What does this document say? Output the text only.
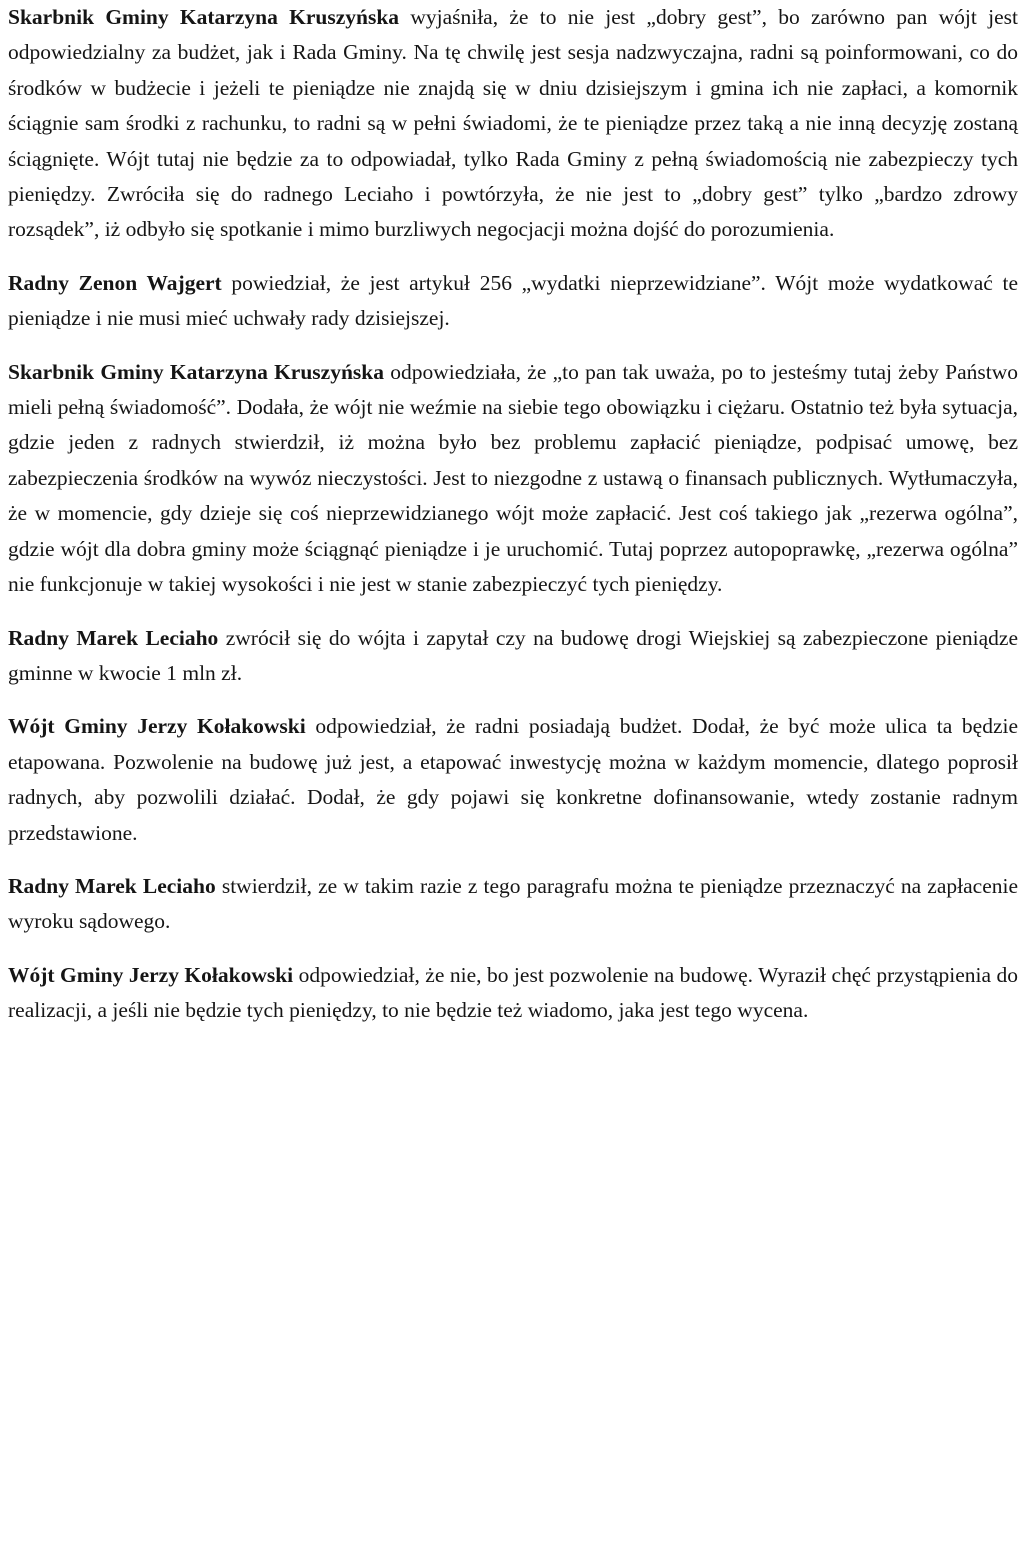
Skarbnik Gminy Katarzyna Kruszyńska wyjaśniła, że to nie jest „dobry gest”, bo zarówno pan wójt jest odpowiedzialny za budżet, jak i Rada Gminy. Na tę chwilę jest sesja nadzwyczajna, radni są poinformowani, co do środków w budżecie i jeżeli te pieniądze nie znajdą się w dniu dzisiejszym i gmina ich nie zapłaci, a komornik ściągnie sam środki z rachunku, to radni są w pełni świadomi, że te pieniądze przez taką a nie inną decyzję zostaną ściągnięte. Wójt tutaj nie będzie za to odpowiadał, tylko Rada Gminy z pełną świadomością nie zabezpieczy tych pieniędzy. Zwróciła się do radnego Leciaho i powtórzyła, że nie jest to „dobry gest” tylko „bardzo zdrowy rozsądek”, iż odbyło się spotkanie i mimo burzliwych negocjacji można dojść do porozumienia.

Radny Zenon Wajgert powiedział, że jest artykuł 256 „wydatki nieprzewidziane”. Wójt może wydatkować te pieniądze i nie musi mieć uchwały rady dzisiejszej.

Skarbnik Gminy Katarzyna Kruszyńska odpowiedziała, że „to pan tak uważa, po to jesteśmy tutaj żeby Państwo mieli pełną świadomość”. Dodała, że wójt nie weźmie na siebie tego obowiązku i ciężaru. Ostatnio też była sytuacja, gdzie jeden z radnych stwierdził, iż można było bez problemu zapłacić pieniądze, podpisać umowę, bez zabezpieczenia środków na wywóz nieczystości. Jest to niezgodne z ustawą o finansach publicznych. Wytłumaczyła, że w momencie, gdy dzieje się coś nieprzewidzianego wójt może zapłacić. Jest coś takiego jak „rezerwa ogólna”, gdzie wójt dla dobra gminy może ściągnąć pieniądze i je uruchomić. Tutaj poprzez autopoprawkę, „rezerwa ogólna” nie funkcjonuje w takiej wysokości i nie jest w stanie zabezpieczyć tych pieniędzy.

Radny Marek Leciaho zwrócił się do wójta i zapytał czy na budowę drogi Wiejskiej są zabezpieczone pieniądze gminne w kwocie 1 mln zł.

Wójt Gminy Jerzy Kołakowski odpowiedział, że radni posiadają budżet. Dodał, że być może ulica ta będzie etapowana. Pozwolenie na budowę już jest, a etapować inwestycję można w każdym momencie, dlatego poprosił radnych, aby pozwolili działać. Dodał, że gdy pojawi się konkretne dofinansowanie, wtedy zostanie radnym przedstawione.

Radny Marek Leciaho stwierdził, ze w takim razie z tego paragrafu można te pieniądze przeznaczyć na zapłacenie wyroku sądowego.

Wójt Gminy Jerzy Kołakowski odpowiedział, że nie, bo jest pozwolenie na budowę. Wyraził chęć przystąpienia do realizacji, a jeśli nie będzie tych pieniędzy, to nie będzie też wiadomo, jaka jest tego wycena.
